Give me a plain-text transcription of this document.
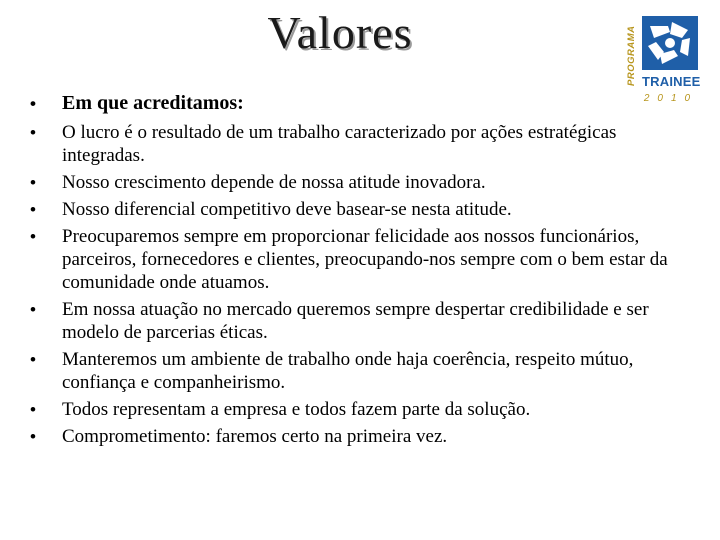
Valores	PROGRAMA TRAINEE
2010
• Em que acreditamos:
• O lucro é o resultado de um trabalho caracterizado por ações estratégicas integradas.
• Nosso crescimento depende de nossa atitude inovadora.
• Nosso diferencial competitivo deve basear-se nesta atitude.
• Preocuparemos sempre em proporcionar felicidade aos nossos funcionários, parceiros, fornecedores e clientes, preocupando-nos sempre com o bem estar da comunidade onde atuamos.
• Em nossa atuação no mercado queremos sempre despertar credibilidade e ser modelo de parcerias éticas.
• Manteremos um ambiente de trabalho onde haja coerência, respeito mútuo, confiança e companheirismo.
• Todos representam a empresa e todos fazem parte da solução.
• Comprometimento: faremos certo na primeira vez.
